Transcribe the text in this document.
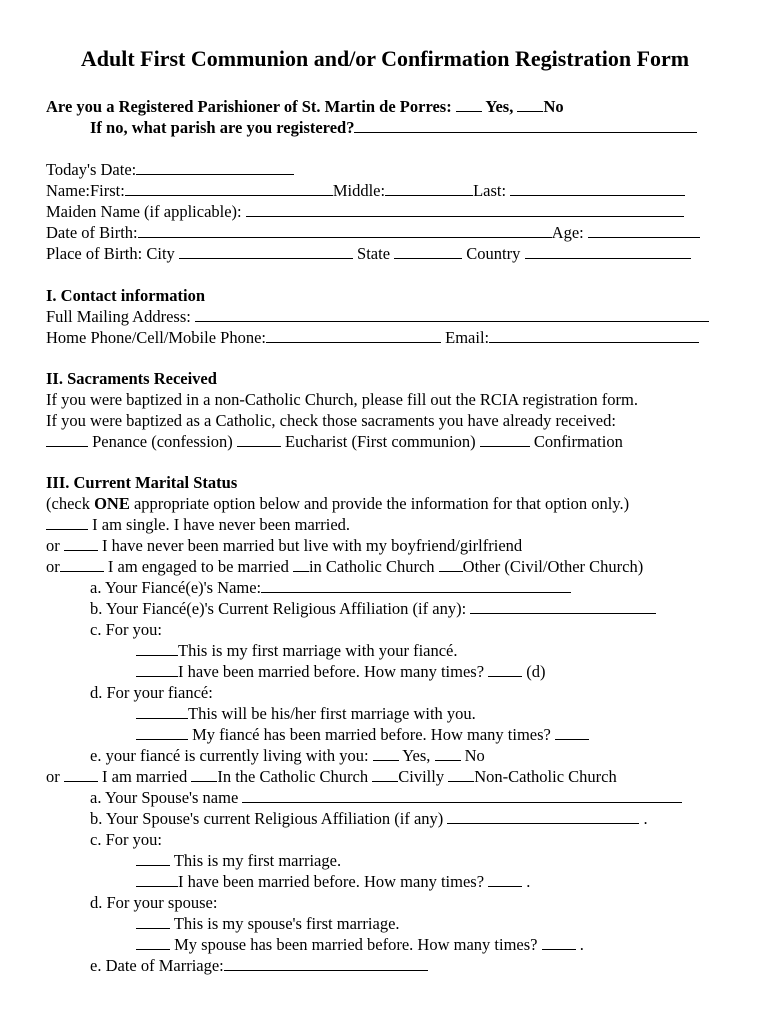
Adult First Communion and/or Confirmation Registration Form
Are you a Registered Parishioner of St. Martin de Porres:  Yes, No
If no, what parish are you registered?
Today's Date:
Name:First:	Middle:	Last:
Maiden Name (if applicable):
Date of Birth:	Age:
Place of Birth: City	State	Country
I. Contact information
Full Mailing Address:
Home Phone/Cell/Mobile Phone:	Email:
II. Sacraments Received
If you were baptized in a non-Catholic Church, please fill out the RCIA registration form.
If you were baptized as a Catholic, check those sacraments you have already received:
Penance (confession)	Eucharist (First communion)	Confirmation
III. Current Marital Status
(check ONE appropriate option below and provide the information for that option only.)
I am single. I have never been married.
or  I have never been married but live with my boyfriend/girlfriend
or	I am engaged to be married in Catholic Church Other (Civil/Other Church)
a. Your Fiancé(e)'s Name:
b. Your Fiancé(e)'s Current Religious Affiliation (if any):
c. For you:
This is my first marriage with your fiancé.
I have been married before. How many times?  (d)
d. For your fiancé:
This will be his/her first marriage with you.
My fiancé has been married before. How many times?
e. your fiancé is currently living with you:  Yes,  No
or  I am married In the Catholic Church Civilly Non-Catholic Church
a. Your Spouse's name
b. Your Spouse's current Religious Affiliation (if any)	.
c. For you:
This is my first marriage.
I have been married before. How many times?  .
d. For your spouse:
This is my spouse's first marriage.
My spouse has been married before. How many times?  .
e. Date of Marriage:
